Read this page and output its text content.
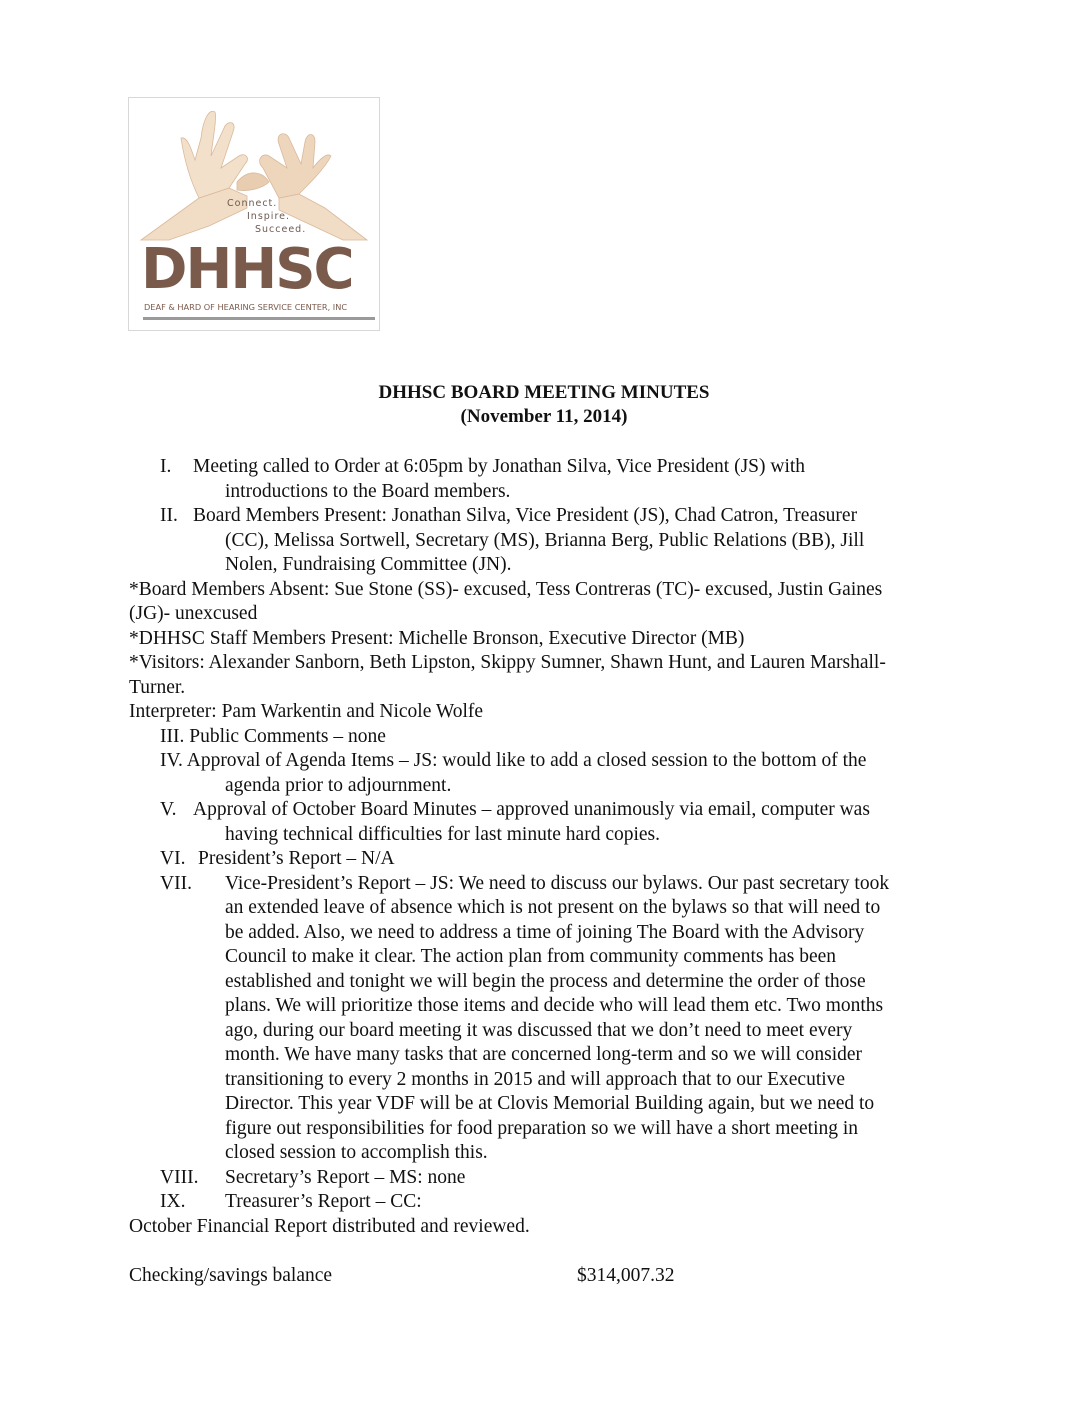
Connect.
Inspire.
Succeed.
DHHSC
DEAF & HARD OF HEARING SERVICE CENTER, INC
DHHSC BOARD MEETING MINUTES
(November 11, 2014)
I. Meeting called to Order at 6:05pm by Jonathan Silva, Vice President (JS) with
introductions to the Board members.
II. Board Members Present: Jonathan Silva, Vice President (JS), Chad Catron, Treasurer
(CC), Melissa Sortwell, Secretary (MS), Brianna Berg, Public Relations (BB), Jill
Nolen, Fundraising Committee (JN).
*Board Members Absent: Sue Stone (SS)- excused, Tess Contreras (TC)- excused, Justin Gaines
(JG)- unexcused
*DHHSC Staff Members Present: Michelle Bronson, Executive Director (MB)
*Visitors: Alexander Sanborn, Beth Lipston, Skippy Sumner, Shawn Hunt, and Lauren Marshall-
Turner.
Interpreter: Pam Warkentin and Nicole Wolfe
III. Public Comments – none
IV. Approval of Agenda Items – JS: would like to add a closed session to the bottom of the
agenda prior to adjournment.
V. Approval of October Board Minutes – approved unanimously via email, computer was
having technical difficulties for last minute hard copies.
VI. President’s Report – N/A
VII. Vice-President’s Report – JS: We need to discuss our bylaws. Our past secretary took
an extended leave of absence which is not present on the bylaws so that will need to
be added. Also, we need to address a time of joining The Board with the Advisory
Council to make it clear. The action plan from community comments has been
established and tonight we will begin the process and determine the order of those
plans. We will prioritize those items and decide who will lead them etc. Two months
ago, during our board meeting it was discussed that we don’t need to meet every
month. We have many tasks that are concerned long-term and so we will consider
transitioning to every 2 months in 2015 and will approach that to our Executive
Director. This year VDF will be at Clovis Memorial Building again, but we need to
figure out responsibilities for food preparation so we will have a short meeting in
closed session to accomplish this.
VIII. Secretary’s Report – MS: none
IX. Treasurer’s Report – CC:
October Financial Report distributed and reviewed.
Checking/savings balance	$314,007.32
